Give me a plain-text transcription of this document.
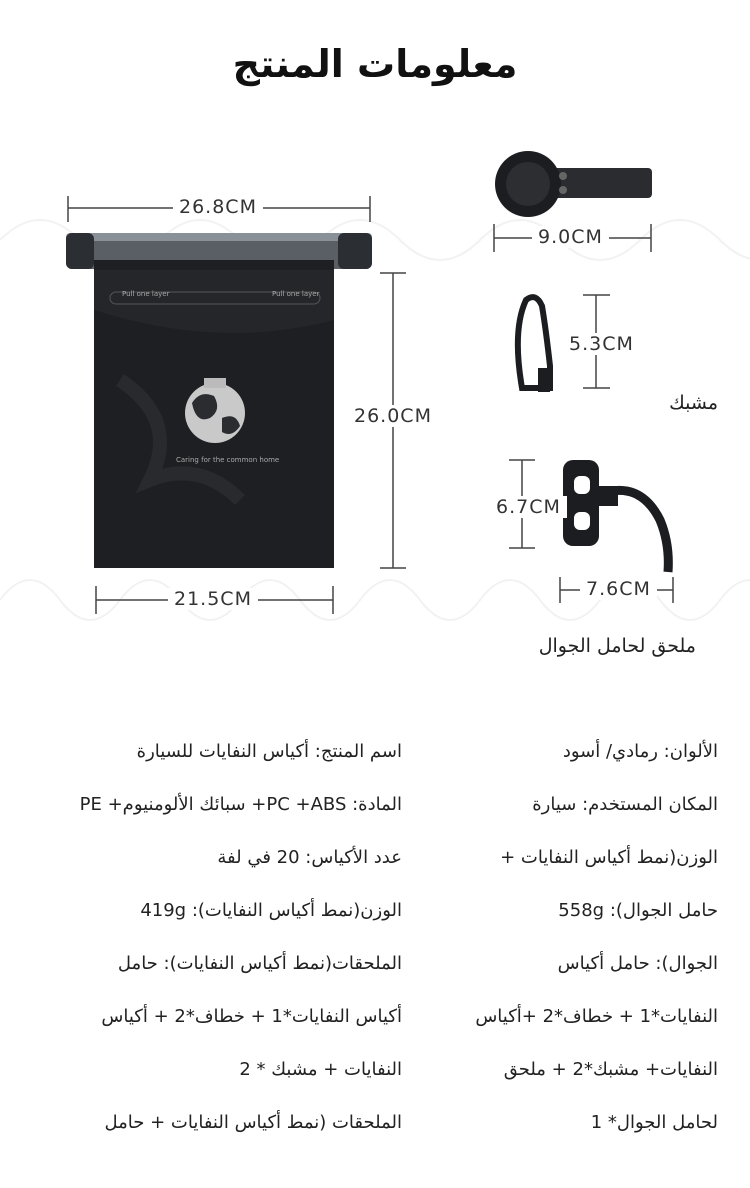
معلومات المنتج
Pull one layer	Pull one layer
Caring for the common home
26.8CM
26.0CM
21.5CM
9.0CM
5.3CM
6.7CM
7.6CM
مشبك
ملحق لحامل الجوال
الألوان: رمادي/ أسود
المكان المستخدم: سيارة
الوزن(نمط أكياس النفايات +
حامل الجوال): 558g
الجوال): حامل أكياس
النفايات*1 + خطاف*2 +أكياس
النفايات+ مشبك*2 + ملحق
لحامل الجوال* 1
اسم المنتج: أكياس النفايات للسيارة
المادة: PC +ABS+ سبائك الألومنيوم+ PE
عدد الأكياس: 20 في لفة
الوزن(نمط أكياس النفايات): 419g
الملحقات(نمط أكياس النفايات): حامل
أكياس النفايات*1 + خطاف*2 + أكياس
النفايات + مشبك * 2
الملحقات (نمط أكياس النفايات + حامل
